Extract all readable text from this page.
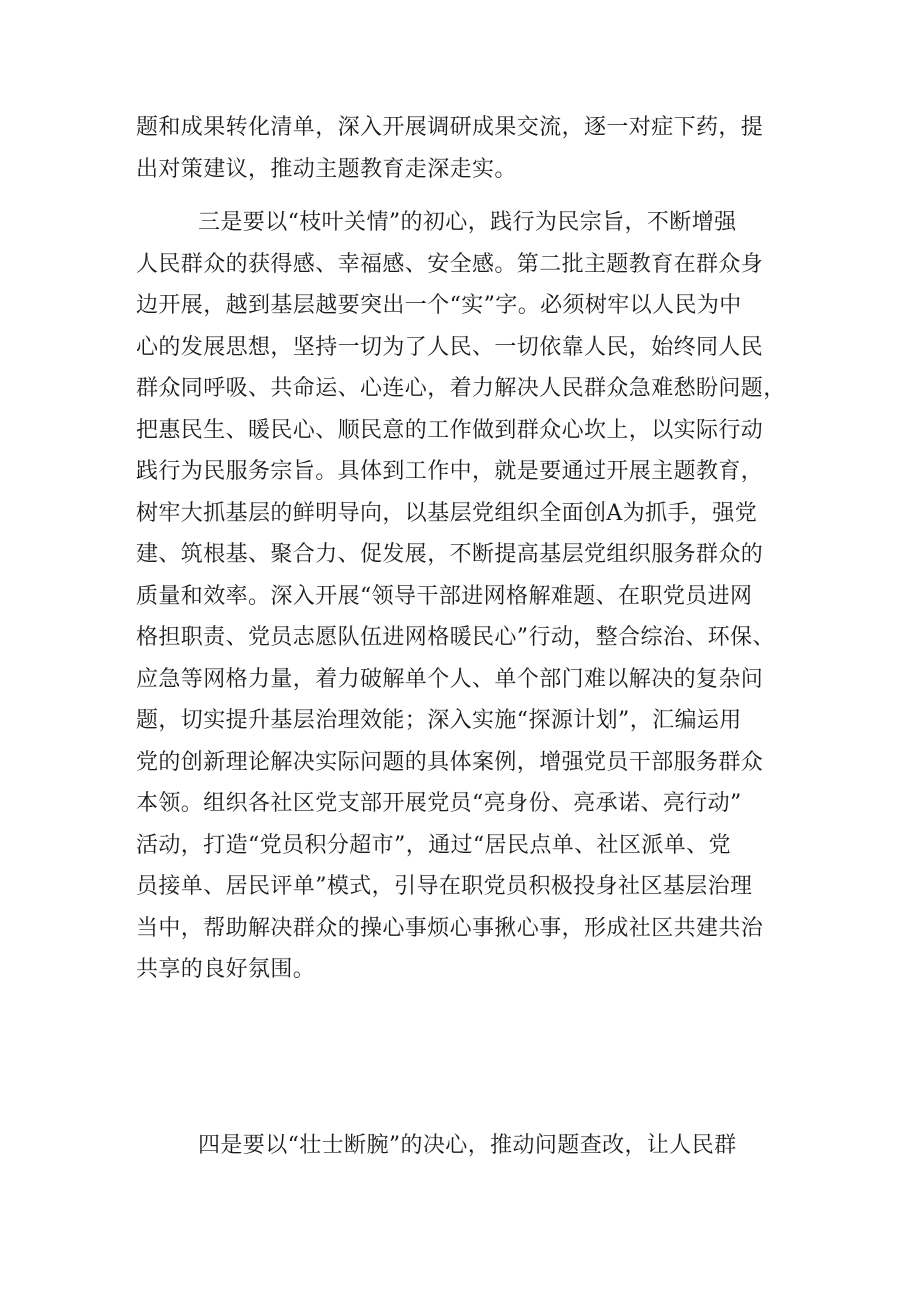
题和成果转化清单，深入开展调研成果交流，逐一对症下药，提
出对策建议，推动主题教育走深走实。
三是要以“枝叶关情”的初心，践行为民宗旨，不断增强
人民群众的获得感、幸福感、安全感。第二批主题教育在群众身
边开展，越到基层越要突出一个“实”字。必须树牢以人民为中
心的发展思想，坚持一切为了人民、一切依靠人民，始终同人民
群众同呼吸、共命运、心连心，着力解决人民群众急难愁盼问题，
把惠民生、暖民心、顺民意的工作做到群众心坎上，以实际行动
践行为民服务宗旨。具体到工作中，就是要通过开展主题教育，
树牢大抓基层的鲜明导向，以基层党组织全面创A为抓手，强党
建、筑根基、聚合力、促发展，不断提高基层党组织服务群众的
质量和效率。深入开展“领导干部进网格解难题、在职党员进网
格担职责、党员志愿队伍进网格暖民心”行动，整合综治、环保、
应急等网格力量，着力破解单个人、单个部门难以解决的复杂问
题，切实提升基层治理效能；深入实施“探源计划”，汇编运用
党的创新理论解决实际问题的具体案例，增强党员干部服务群众
本领。组织各社区党支部开展党员“亮身份、亮承诺、亮行动”
活动，打造“党员积分超市”，通过“居民点单、社区派单、党
员接单、居民评单”模式，引导在职党员积极投身社区基层治理
当中，帮助解决群众的操心事烦心事揪心事，形成社区共建共治
共享的良好氛围。
四是要以“壮士断腕”的决心，推动问题查改，让人民群
